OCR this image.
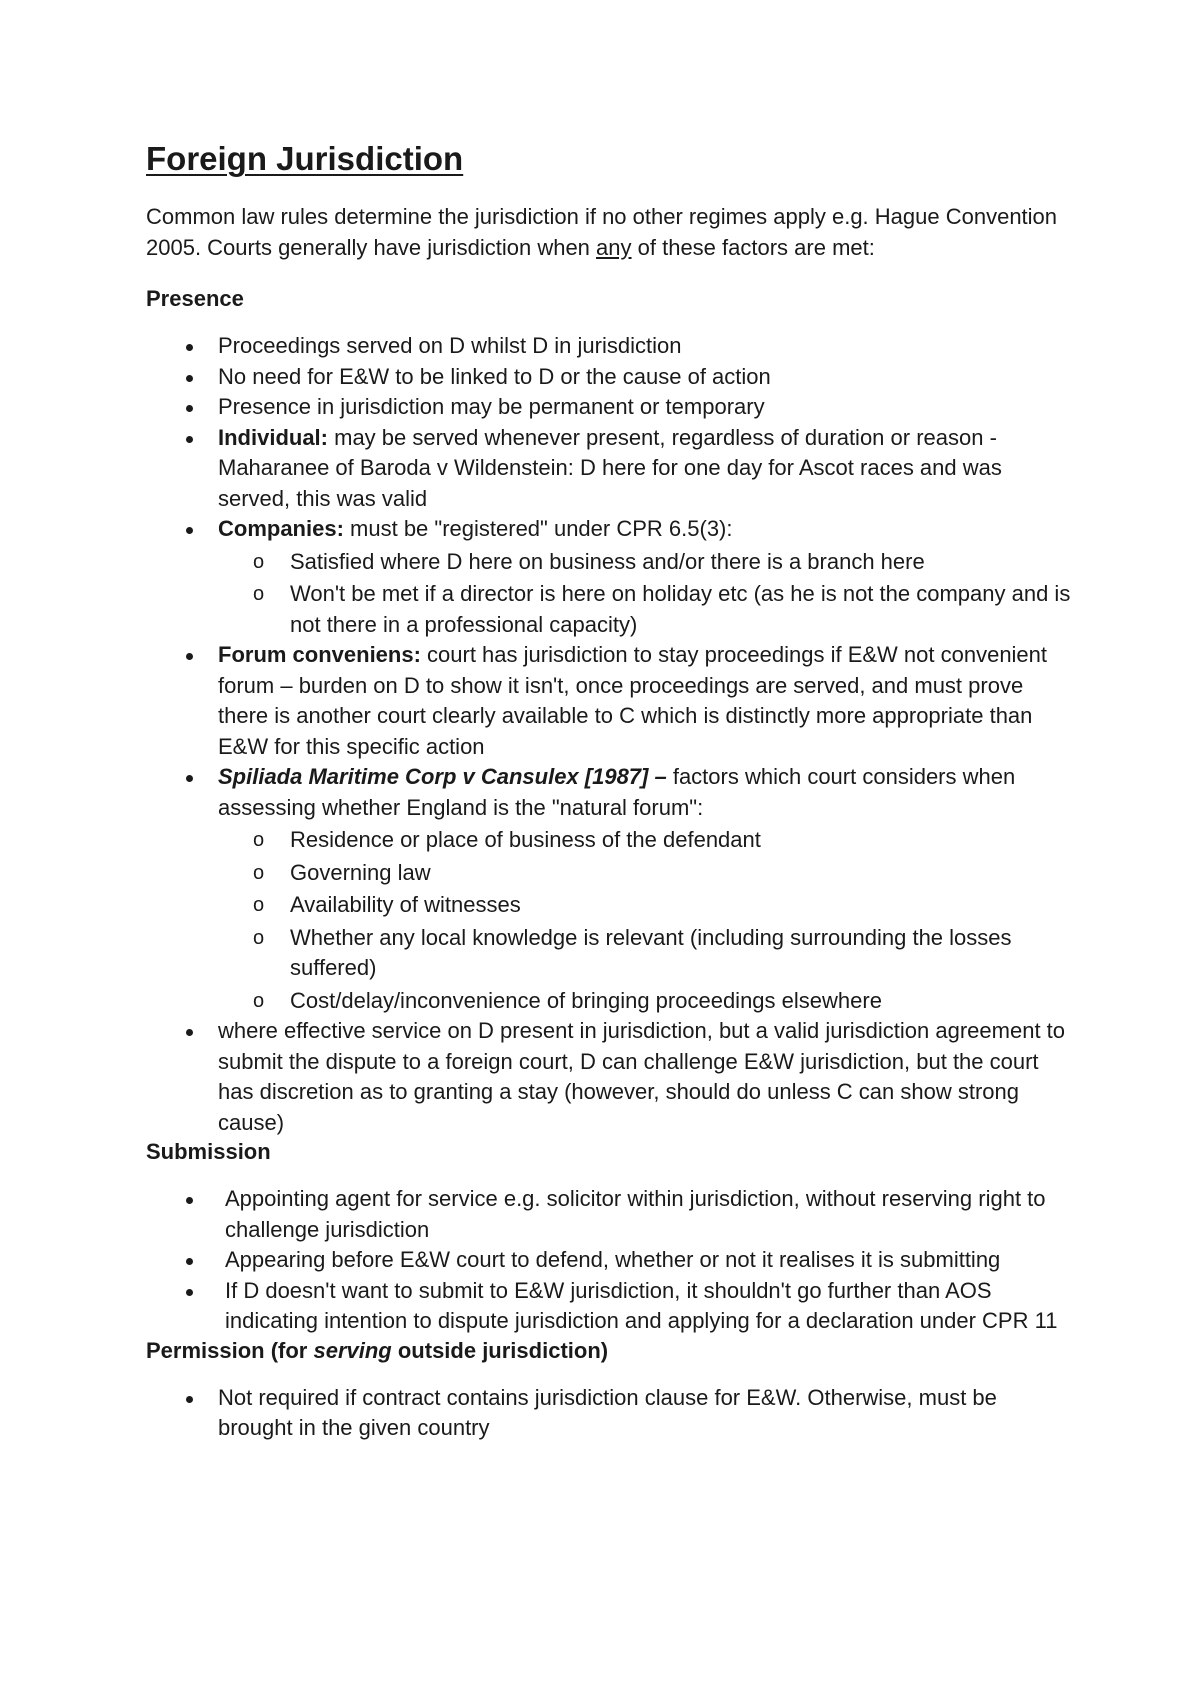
Foreign Jurisdiction

Common law rules determine the jurisdiction if no other regimes apply e.g. Hague Convention 2005. Courts generally have jurisdiction when any of these factors are met:

Presence
Proceedings served on D whilst D in jurisdiction
No need for E&W to be linked to D or the cause of action
Presence in jurisdiction may be permanent or temporary
Individual: may be served whenever present, regardless of duration or reason - Maharanee of Baroda v Wildenstein: D here for one day for Ascot races and was served, this was valid
Companies: must be "registered" under CPR 6.5(3):
o Satisfied where D here on business and/or there is a branch here
o Won't be met if a director is here on holiday etc (as he is not the company and is not there in a professional capacity)
Forum conveniens: court has jurisdiction to stay proceedings if E&W not convenient forum – burden on D to show it isn't, once proceedings are served, and must prove there is another court clearly available to C which is distinctly more appropriate than E&W for this specific action
Spiliada Maritime Corp v Cansulex [1987] – factors which court considers when assessing whether England is the "natural forum":
o Residence or place of business of the defendant
o Governing law
o Availability of witnesses
o Whether any local knowledge is relevant (including surrounding the losses suffered)
o Cost/delay/inconvenience of bringing proceedings elsewhere
where effective service on D present in jurisdiction, but a valid jurisdiction agreement to submit the dispute to a foreign court, D can challenge E&W jurisdiction, but the court has discretion as to granting a stay (however, should do unless C can show strong cause)
Submission
Appointing agent for service e.g. solicitor within jurisdiction, without reserving right to challenge jurisdiction
Appearing before E&W court to defend, whether or not it realises it is submitting
If D doesn't want to submit to E&W jurisdiction, it shouldn't go further than AOS indicating intention to dispute jurisdiction and applying for a declaration under CPR 11
Permission (for serving outside jurisdiction)
Not required if contract contains jurisdiction clause for E&W. Otherwise, must be brought in the given country
